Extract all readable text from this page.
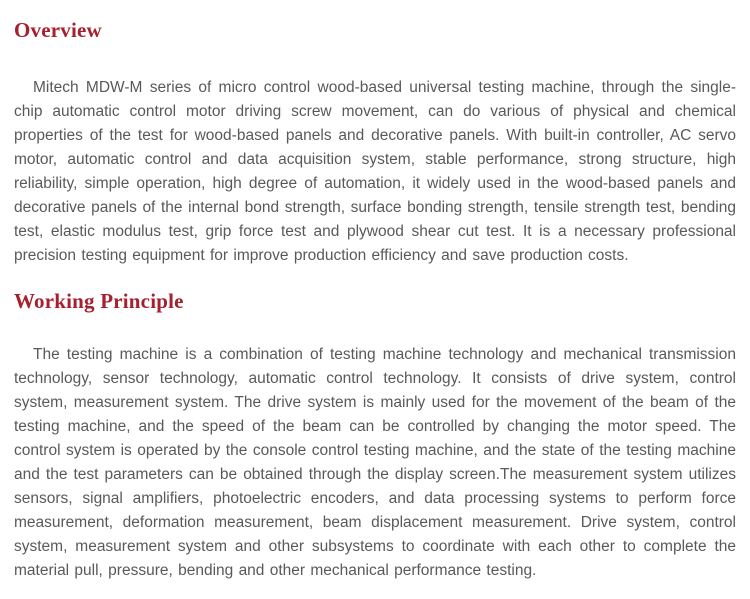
Overview

Mitech MDW-M series of micro control wood-based universal testing machine, through the single-chip automatic control motor driving screw movement, can do various of physical and chemical properties of the test for wood-based panels and decorative panels. With built-in controller, AC servo motor, automatic control and data acquisition system, stable performance, strong structure, high reliability, simple operation, high degree of automation, it widely used in the wood-based panels and decorative panels of the internal bond strength, surface bonding strength, tensile strength test, bending test, elastic modulus test, grip force test and plywood shear cut test. It is a necessary professional precision testing equipment for improve production efficiency and save production costs.

Working Principle

The testing machine is a combination of testing machine technology and mechanical transmission technology, sensor technology, automatic control technology. It consists of drive system, control system, measurement system. The drive system is mainly used for the movement of the beam of the testing machine, and the speed of the beam can be controlled by changing the motor speed. The control system is operated by the console control testing machine, and the state of the testing machine and the test parameters can be obtained through the display screen.The measurement system utilizes sensors, signal amplifiers, photoelectric encoders, and data processing systems to perform force measurement, deformation measurement, beam displacement measurement. Drive system, control system, measurement system and other subsystems to coordinate with each other to complete the material pull, pressure, bending and other mechanical performance testing.
